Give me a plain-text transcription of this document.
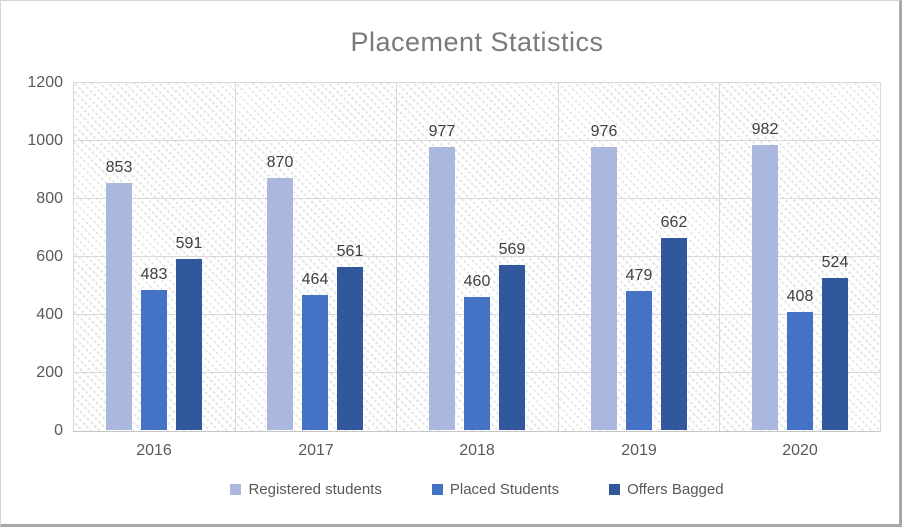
Placement Statistics
0
200
400
600
800
1000
1200
853
483
591
870
464
561
977
460
569
976
479
662
982
408
524
2016	2017	2018	2019	2020
Registered students	Placed Students	Offers Bagged
